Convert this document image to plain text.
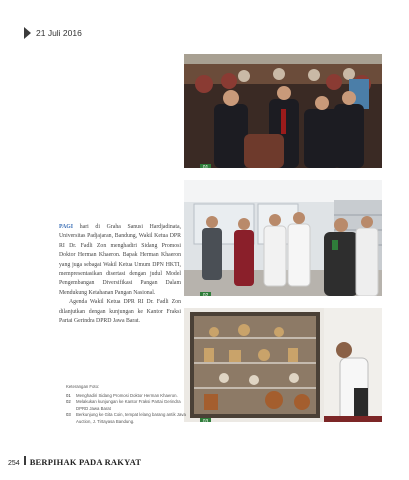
21 Juli 2016
01
02
03

PAGI hari di Graha Sanusi Hardjadinata, Universitas Padjajaran, Bandung, Wakil Ketua DPR RI Dr. Fadli Zon menghadiri Sidang Promosi Doktor Herman Khaeron. Bapak Herman Khaeron yang juga sebagai Wakil Ketua Umum DPN HKTI, mempresentasikan disertasi dengan judul Model Pengembangan Diversifikasi Pangan Dalam Mendukung Ketahanan Pangan Nasional.

Agenda Wakil Ketua DPR RI Dr. Fadli Zon dilanjutkan dengan kunjungan ke Kantor Fraksi Partai Gerindra DPRD Jawa Barat.

Keterangan Foto:
01	Menghadiri Sidang Promosi Doktor Herman Khaeron.
02	Melakukan kunjungan ke Kantor Fraksi Partai Gerindra DPRD Jawa Barat
03	Berkunjung ke Gita Coin, tempat lelang barang antik Java Auction, J. Tirtayasa Bandung.
254 BERPIHAK PADA RAKYAT
